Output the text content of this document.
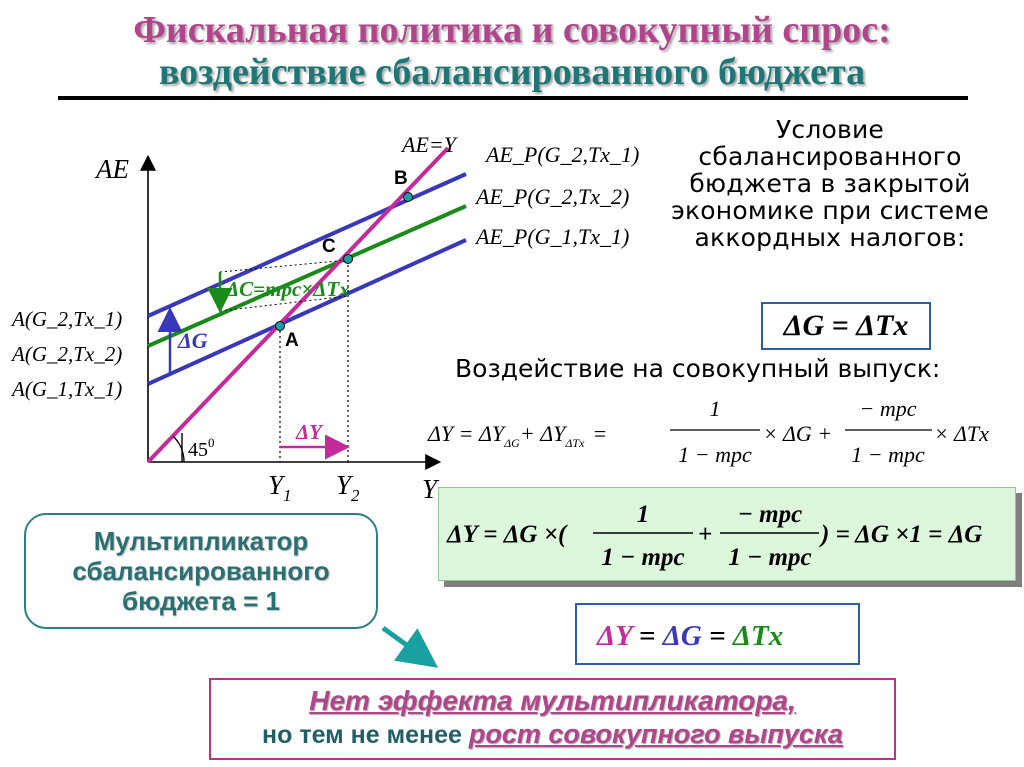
Фискальная политика и совокупный спрос:
воздействие сбалансированного бюджета
AE
Y
$Y_1$ $Y_2$
$45^0$
B
C
A
AE=Y AE_P(G_2,Tx_1)
AE_P(G_2,Tx_2)
AE_P(G_1,Tx_1)
A(G_2,Tx_1)
A(G_2,Tx_2)
A(G_1,Tx_1)
ΔG
ΔC=mpc×ΔTx
ΔY	$\Delta Y = \Delta Y_{\Delta G}+ \Delta Y_{\Delta Tx}$ =
1
1 − mpc
× ΔG +
− mpc
1 − mpc
× ΔTx
Условие
сбалансированного
бюджета в закрытой
экономике при системе
аккордных налогов:
ΔG = ΔTx
Воздействие на совокупный выпуск:
ΔY = ΔG ×(
1
1 − mpc
+
− mpc
1 − mpc
) = ΔG ×1 = ΔG
Мультипликатор
сбалансированного
бюджета = 1
ΔY = ΔG = ΔTx
Нет эффекта мультипликатора,
но тем не менее рост совокупного выпуска
